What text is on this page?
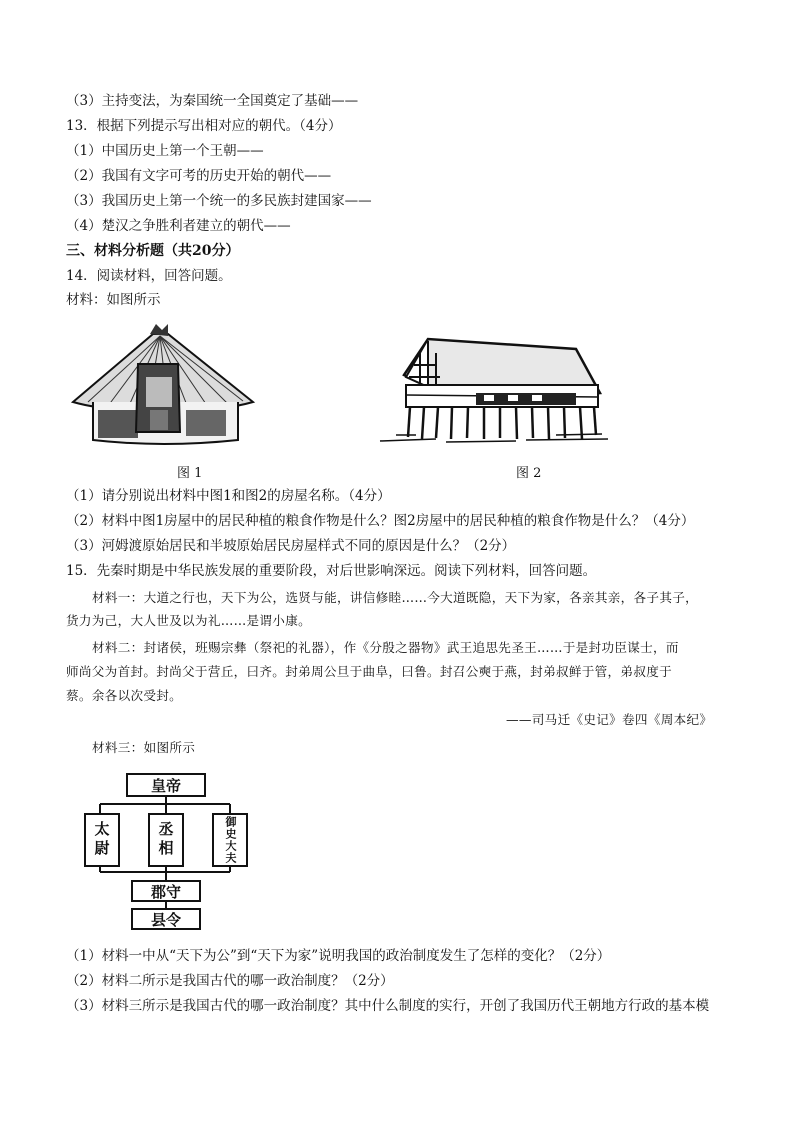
（3）主持变法，为秦国统一全国奠定了基础——
13．根据下列提示写出相对应的朝代。（4分）
（1）中国历史上第一个王朝——
（2）我国有文字可考的历史开始的朝代——
（3）我国历史上第一个统一的多民族封建国家——
（4）楚汉之争胜利者建立的朝代——
三、材料分析题（共20分）
14．阅读材料，回答问题。
材料：如图所示
图 1	图 2
（1）请分别说出材料中图1和图2的房屋名称。（4分）
（2）材料中图1房屋中的居民种植的粮食作物是什么？图2房屋中的居民种植的粮食作物是什么？（4分）
（3）河姆渡原始居民和半坡原始居民房屋样式不同的原因是什么？（2分）
15．先秦时期是中华民族发展的重要阶段，对后世影响深远。阅读下列材料，回答问题。
材料一：大道之行也，天下为公，选贤与能，讲信修睦……今大道既隐，天下为家，各亲其亲，各子其子，
货力为己，大人世及以为礼……是谓小康。
材料二：封诸侯，班赐宗彝（祭祀的礼器），作《分殷之器物》武王追思先圣王……于是封功臣谋士，而
师尚父为首封。封尚父于营丘，曰齐。封弟周公旦于曲阜，曰鲁。封召公奭于燕，封弟叔鲜于管，弟叔度于
蔡。余各以次受封。
——司马迁《史记》卷四《周本纪》
材料三：如图所示
皇帝
太尉	丞相	御史大夫
郡守
县令
（1）材料一中从“天下为公”到“天下为家”说明我国的政治制度发生了怎样的变化？（2分）
（2）材料二所示是我国古代的哪一政治制度？（2分）
（3）材料三所示是我国古代的哪一政治制度？其中什么制度的实行，开创了我国历代王朝地方行政的基本模
